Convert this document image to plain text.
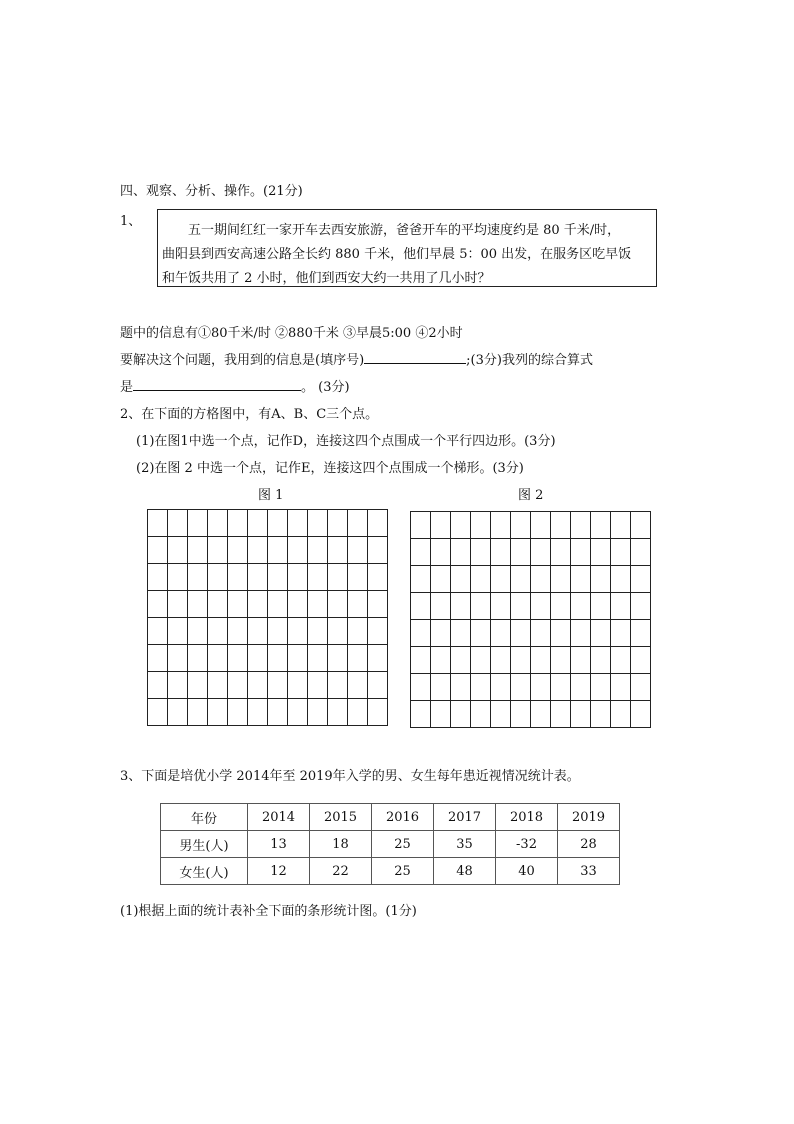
四、观察、分析、操作。(21分)
1、
五一期间红红一家开车去西安旅游，爸爸开车的平均速度约是 80 千米/时，
曲阳县到西安高速公路全长约 880 千米，他们早晨 5：00 出发，在服务区吃早饭
和午饭共用了 2 小时，他们到西安大约一共用了几小时？
题中的信息有①80千米/时 ②880千米 ③早晨5:00 ④2小时
要解决这个问题，我用到的信息是(填序号)	;(3分)我列的综合算式
是	。 (3分)
2、在下面的方格图中，有A、B、C三个点。
(1)在图1中选一个点，记作D，连接这四个点围成一个平行四边形。(3分)
(2)在图 2 中选一个点，记作E，连接这四个点围成一个梯形。(3分)
图 1	图 2

3、下面是培优小学 2014年至 2019年入学的男、女生每年患近视情况统计表。
年份	2014	2015	2016	2017	2018	2019
男生(人)	13	18	25	35	-32	28
女生(人)	12	22	25	48	40	33
(1)根据上面的统计表补全下面的条形统计图。(1分)
